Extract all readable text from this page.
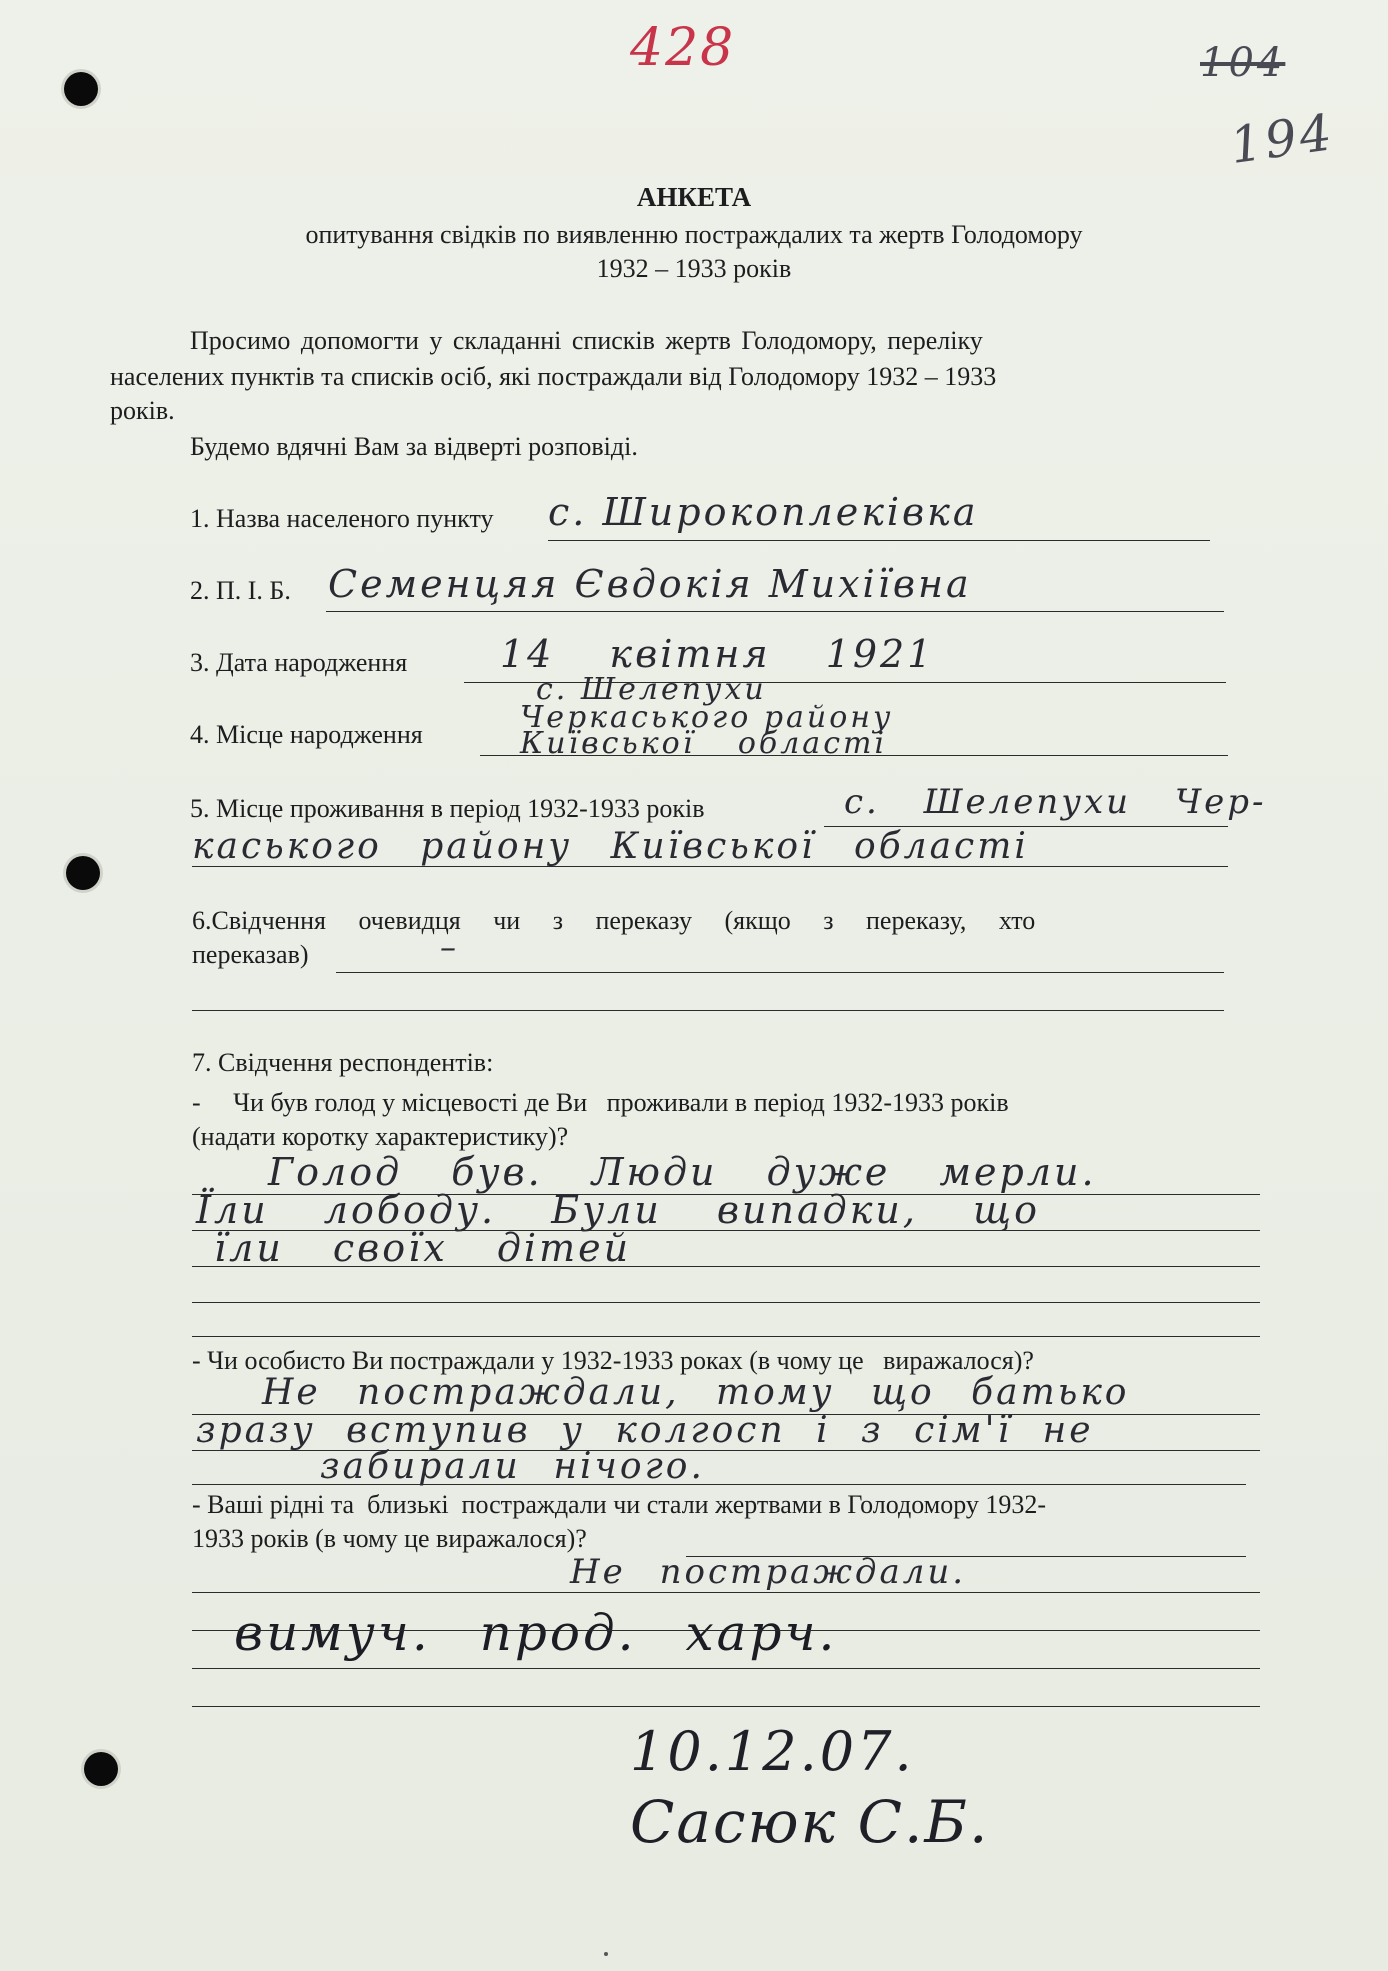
428	104
194
АНКЕТА
опитування свідків по виявленню постраждалих та жертв Голодомору
1932 – 1933 років
Просимо допомогти у складанні списків жертв Голодомору, переліку
населених пунктів та списків осіб, які постраждали від Голодомору 1932 – 1933
років.
Будемо вдячні Вам за відверті розповіді.
1. Назва населеного пункту с. Широкоплеківка
2. П. І. Б. Семенцяя Євдокія Михіївна
3. Дата народження 14 квітня 1921
4. Місце народження
с. Шелепухи
Черкаського району
Київської області
5. Місце проживання в період 1932-1933 років	с. Шелепухи Чер-
каського району Київської області
6.Свідчення     очевидця     чи     з     переказу     (якщо     з     переказу,     хто
переказав)	–
7. Свідчення респондентів:
-     Чи був голод у місцевості де Ви   проживали в період 1932-1933 років
(надати коротку характеристику)?
Голод був. Люди дуже мерли.
Їли лободу. Були випадки, що
їли своїх дітей
- Чи особисто Ви постраждали у 1932-1933 роках (в чому це   виражалося)?
Не постраждали, тому що батько
зразу вступив у колгосп і з сім'ї не
забирали нічого.
- Ваші рідні та  близькі  постраждали чи стали жертвами в Голодомору 1932-
1933 років (в чому це виражалося)?
Не постраждали.
вимуч. прод. харч.
10.12.07.
Сасюк С.Б.
